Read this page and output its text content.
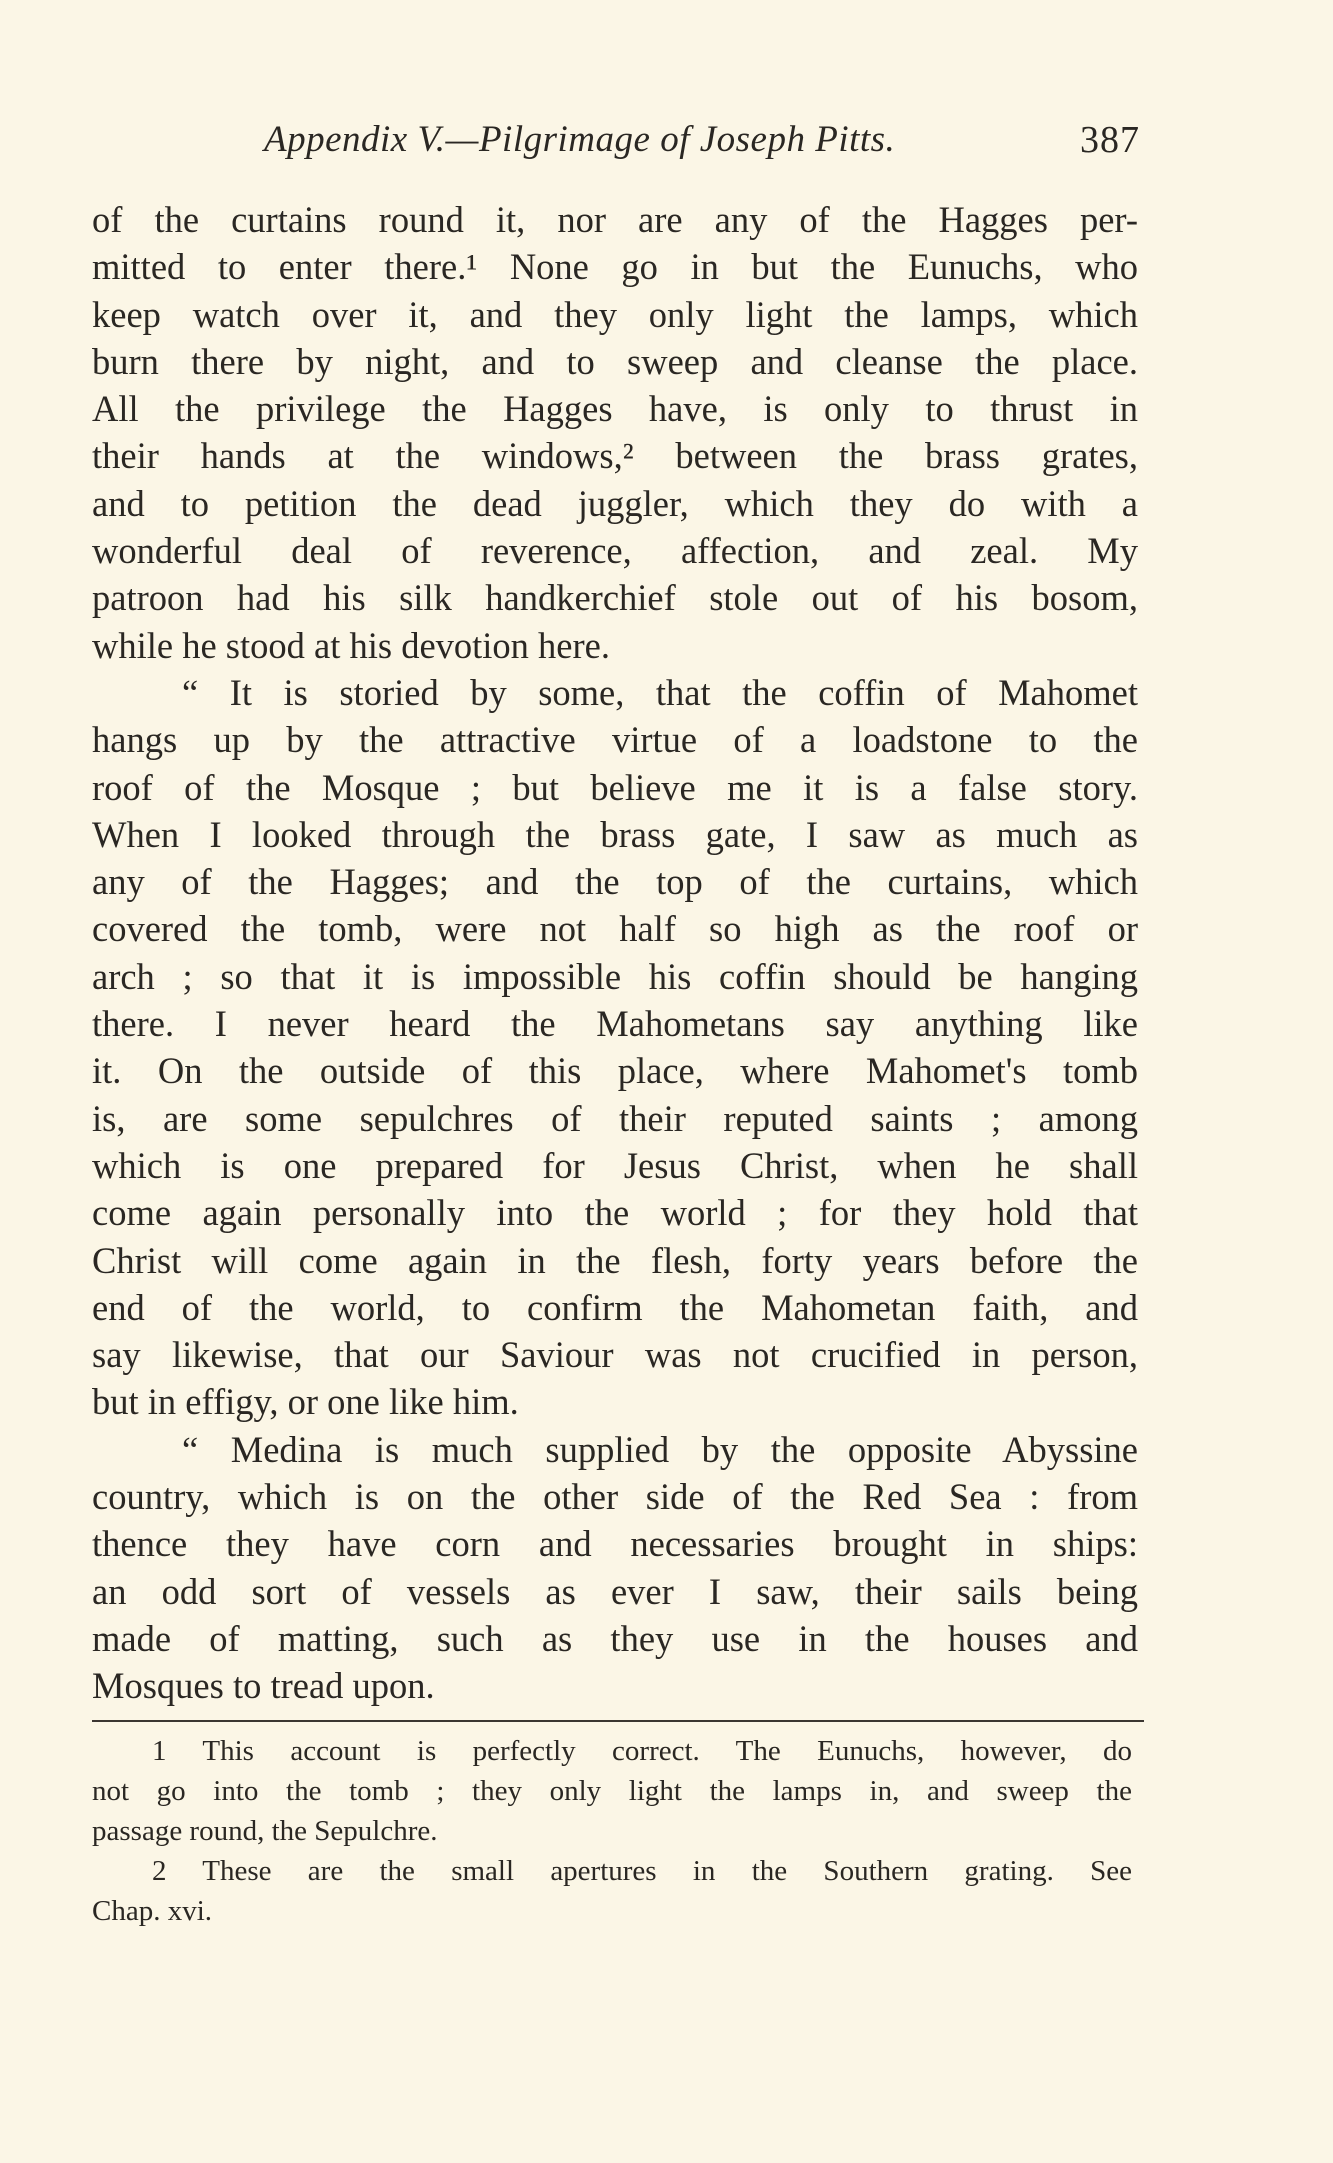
Appendix V.—Pilgrimage of Joseph Pitts.	387
of the curtains round it, nor are any of the Hagges per-
mitted to enter there.¹ None go in but the Eunuchs, who
keep watch over it, and they only light the lamps, which
burn there by night, and to sweep and cleanse the place.
All the privilege the Hagges have, is only to thrust in
their hands at the windows,² between the brass grates,
and to petition the dead juggler, which they do with a
wonderful deal of reverence, affection, and zeal. My
patroon had his silk handkerchief stole out of his bosom,
while he stood at his devotion here.
“ It is storied by some, that the coffin of Mahomet
hangs up by the attractive virtue of a loadstone to the
roof of the Mosque ; but believe me it is a false story.
When I looked through the brass gate, I saw as much as
any of the Hagges; and the top of the curtains, which
covered the tomb, were not half so high as the roof or
arch ; so that it is impossible his coffin should be hanging
there. I never heard the Mahometans say anything like
it. On the outside of this place, where Mahomet's tomb
is, are some sepulchres of their reputed saints ; among
which is one prepared for Jesus Christ, when he shall
come again personally into the world ; for they hold that
Christ will come again in the flesh, forty years before the
end of the world, to confirm the Mahometan faith, and
say likewise, that our Saviour was not crucified in person,
but in effigy, or one like him.
“ Medina is much supplied by the opposite Abyssine
country, which is on the other side of the Red Sea : from
thence they have corn and necessaries brought in ships:
an odd sort of vessels as ever I saw, their sails being
made of matting, such as they use in the houses and
Mosques to tread upon.
1 This account is perfectly correct. The Eunuchs, however, do
not go into the tomb ; they only light the lamps in, and sweep the
passage round, the Sepulchre.
2 These are the small apertures in the Southern grating. See
Chap. xvi.
